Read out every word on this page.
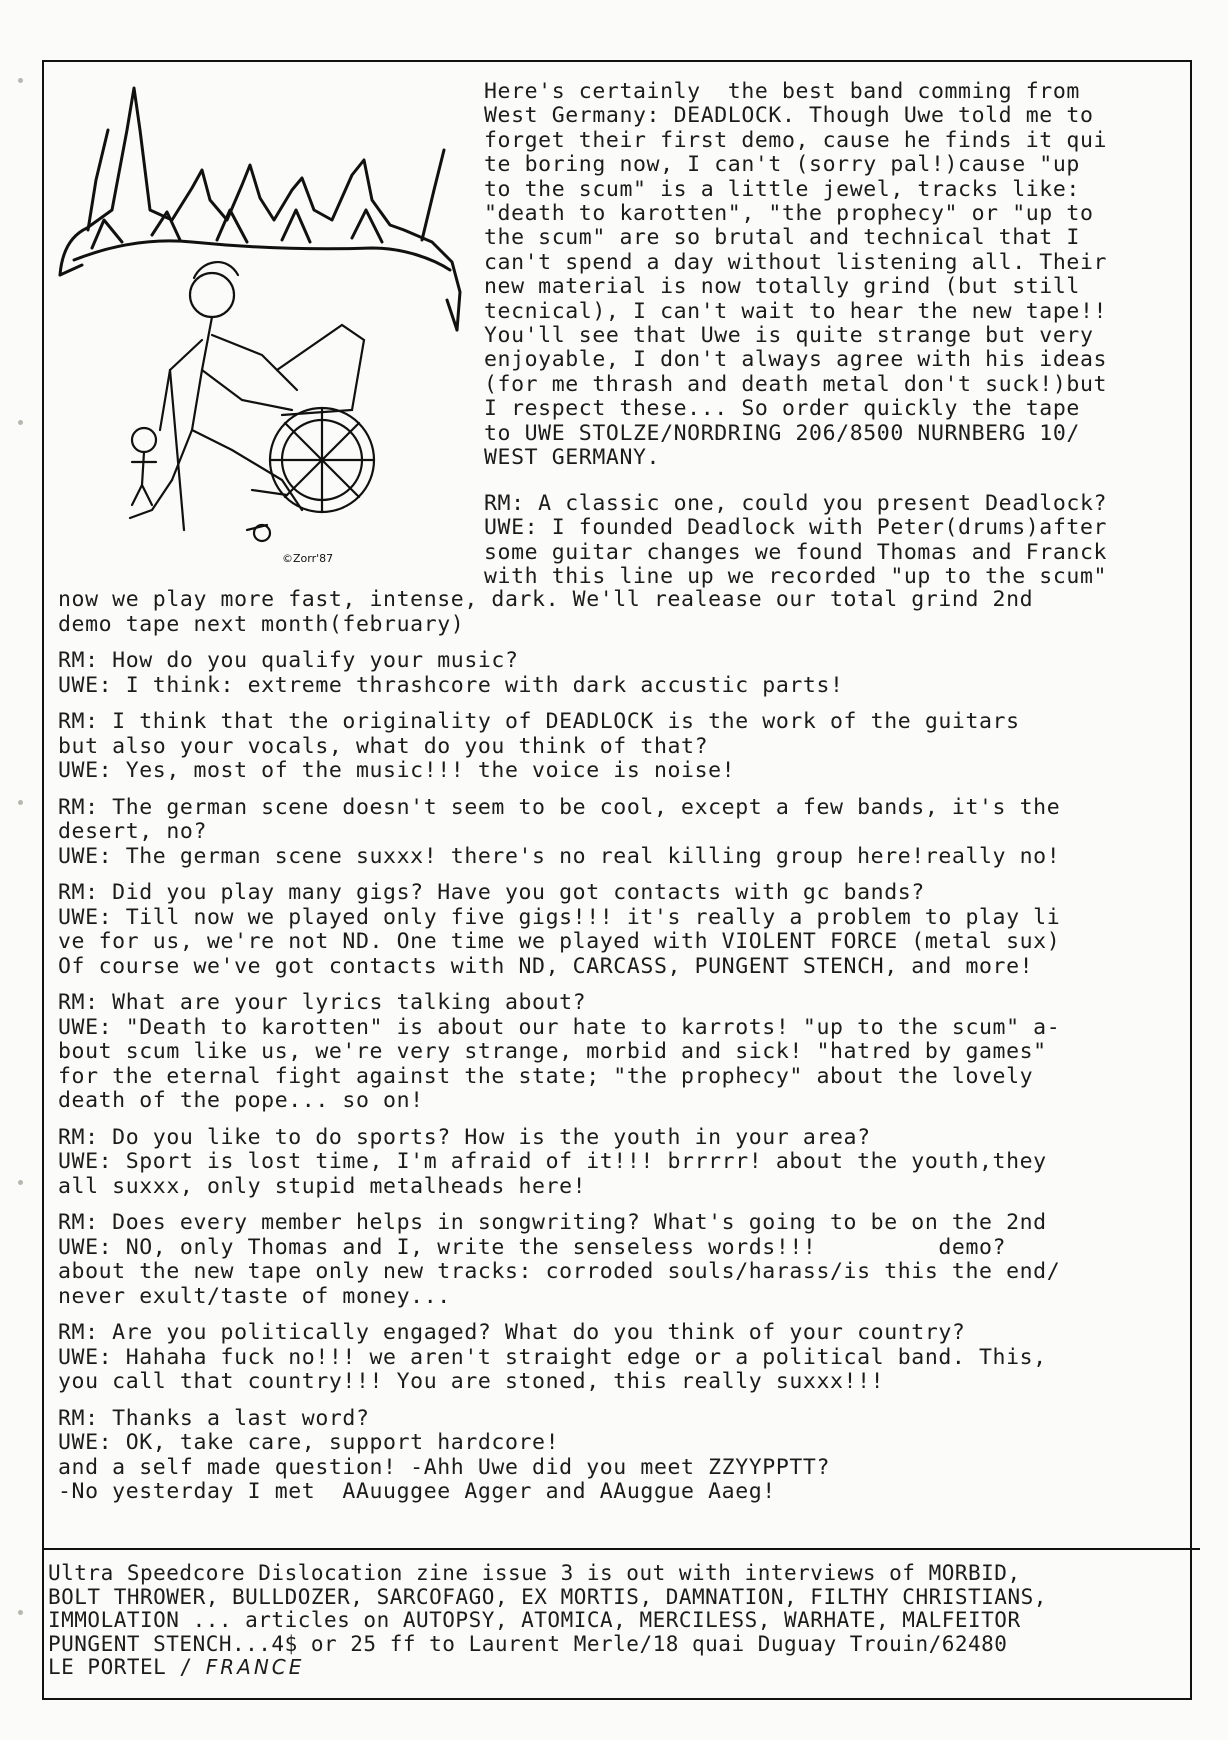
©Zorr'87
Here's certainly  the best band comming from
West Germany: DEADLOCK. Though Uwe told me to
forget their first demo, cause he finds it qui
te boring now, I can't (sorry pal!)cause "up
to the scum" is a little jewel, tracks like:
"death to karotten", "the prophecy" or "up to
the scum" are so brutal and technical that I
can't spend a day without listening all. Their
new material is now totally grind (but still
tecnical), I can't wait to hear the new tape!!
You'll see that Uwe is quite strange but very
enjoyable, I don't always agree with his ideas
(for me thrash and death metal don't suck!)but
I respect these... So order quickly the tape
to UWE STOLZE/NORDRING 206/8500 NURNBERG 10/
WEST GERMANY.
RM: A classic one, could you present Deadlock?
UWE: I founded Deadlock with Peter(drums)after
some guitar changes we found Thomas and Franck
with this line up we recorded "up to the scum"
now we play more fast, intense, dark. We'll realease our total grind 2nd
demo tape next month(february)
RM: How do you qualify your music?
UWE: I think: extreme thrashcore with dark accustic parts!
RM: I think that the originality of DEADLOCK is the work of the guitars
but also your vocals, what do you think of that?
UWE: Yes, most of the music!!! the voice is noise!
RM: The german scene doesn't seem to be cool, except a few bands, it's the
desert, no?
UWE: The german scene suxxx! there's no real killing group here!really no!
RM: Did you play many gigs? Have you got contacts with gc bands?
UWE: Till now we played only five gigs!!! it's really a problem to play li
ve for us, we're not ND. One time we played with VIOLENT FORCE (metal sux)
Of course we've got contacts with ND, CARCASS, PUNGENT STENCH, and more!
RM: What are your lyrics talking about?
UWE: "Death to karotten" is about our hate to karrots! "up to the scum" a-
bout scum like us, we're very strange, morbid and sick! "hatred by games"
for the eternal fight against the state; "the prophecy" about the lovely
death of the pope... so on!
RM: Do you like to do sports? How is the youth in your area?
UWE: Sport is lost time, I'm afraid of it!!! brrrrr! about the youth,they
all suxxx, only stupid metalheads here!
RM: Does every member helps in songwriting? What's going to be on the 2nd
UWE: NO, only Thomas and I, write the senseless words!!!         demo?
about the new tape only new tracks: corroded souls/harass/is this the end/
never exult/taste of money...
RM: Are you politically engaged? What do you think of your country?
UWE: Hahaha fuck no!!! we aren't straight edge or a political band. This,
you call that country!!! You are stoned, this really suxxx!!!
RM: Thanks a last word?
UWE: OK, take care, support hardcore!
and a self made question! -Ahh Uwe did you meet ZZYYPPTT?
-No yesterday I met  AAuuggee Agger and AAuggue Aaeg!
Ultra Speedcore Dislocation zine issue 3 is out with interviews of MORBID,
BOLT THROWER, BULLDOZER, SARCOFAGO, EX MORTIS, DAMNATION, FILTHY CHRISTIANS,
IMMOLATION ... articles on AUTOPSY, ATOMICA, MERCILESS, WARHATE, MALFEITOR
PUNGENT STENCH...4$ or 25 ff to Laurent Merle/18 quai Duguay Trouin/62480
LE PORTEL / FRANCE
